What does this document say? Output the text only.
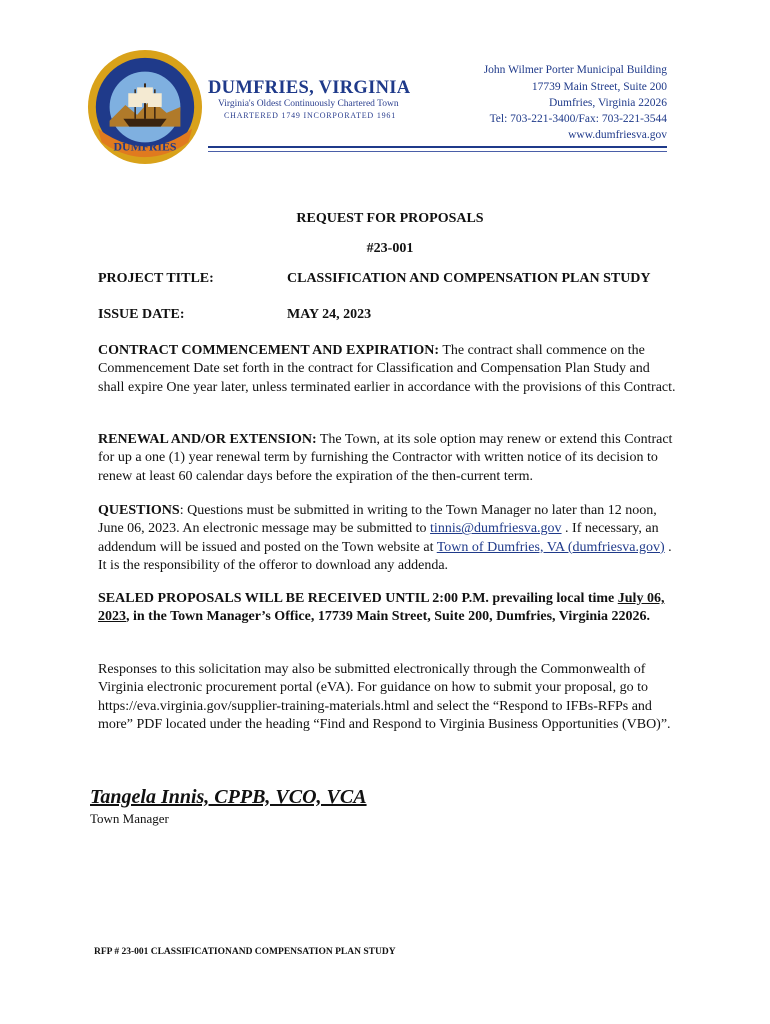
DUMFRIES
DUMFRIES, VIRGINIA
Virginia's Oldest Continuously Chartered Town
CHARTERED 1749 INCORPORATED 1961
John Wilmer Porter Municipal Building
17739 Main Street, Suite 200
Dumfries, Virginia 22026
Tel: 703-221-3400/Fax: 703-221-3544
www.dumfriesva.gov
REQUEST FOR PROPOSALS
#23-001
PROJECT TITLE:	CLASSIFICATION AND COMPENSATION PLAN STUDY
ISSUE DATE:	MAY 24, 2023
CONTRACT COMMENCEMENT AND EXPIRATION: The contract shall commence on the Commencement Date set forth in the contract for Classification and Compensation Plan Study and shall expire One year later, unless terminated earlier in accordance with the provisions of this Contract.
RENEWAL AND/OR EXTENSION: The Town, at its sole option may renew or extend this Contract for up a one (1) year renewal term by furnishing the Contractor with written notice of its decision to renew at least 60 calendar days before the expiration of the then-current term.
QUESTIONS: Questions must be submitted in writing to the Town Manager no later than 12 noon, June 06, 2023. An electronic message may be submitted to tinnis@dumfriesva.gov . If necessary, an addendum will be issued and posted on the Town website at Town of Dumfries, VA (dumfriesva.gov) . It is the responsibility of the offeror to download any addenda.
SEALED PROPOSALS WILL BE RECEIVED UNTIL 2:00 P.M. prevailing local time July 06, 2023, in the Town Manager’s Office, 17739 Main Street, Suite 200, Dumfries, Virginia 22026.
Responses to this solicitation may also be submitted electronically through the Commonwealth of Virginia electronic procurement portal (eVA). For guidance on how to submit your proposal, go to https://eva.virginia.gov/supplier-training-materials.html and select the “Respond to IFBs-RFPs and more” PDF located under the heading “Find and Respond to Virginia Business Opportunities (VBO)”.
Tangela Innis, CPPB, VCO, VCA
Town Manager
RFP # 23-001 CLASSIFICATIONAND COMPENSATION PLAN STUDY
